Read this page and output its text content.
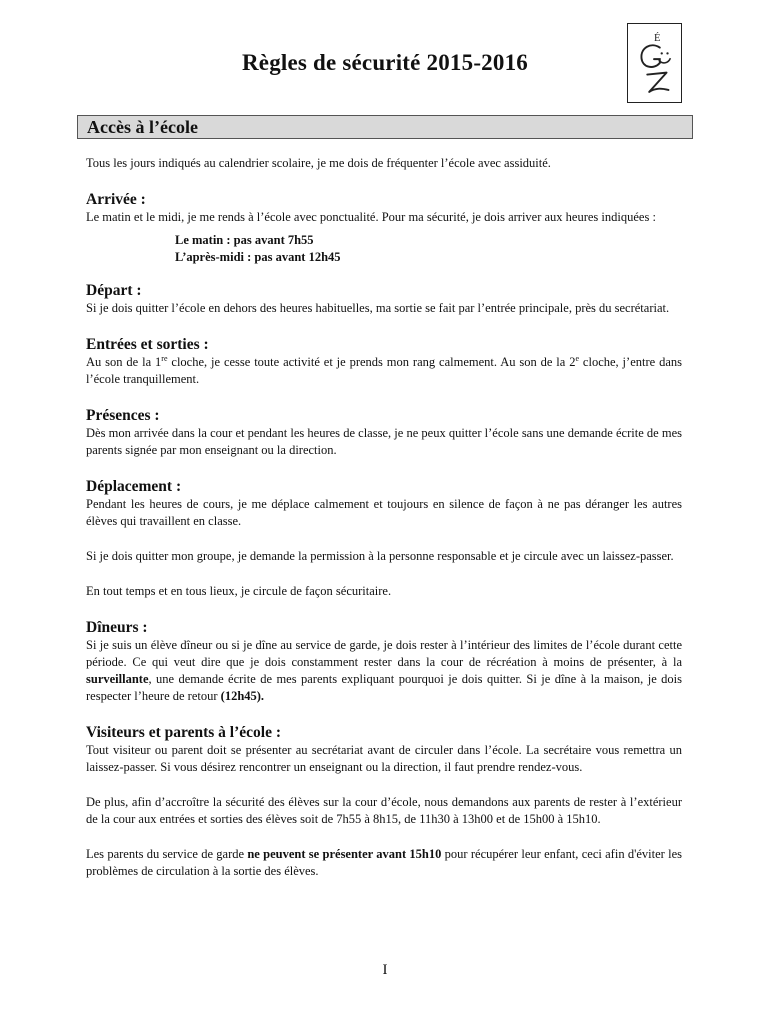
Règles de sécurité 2015-2016
É
Accès à l’école

Tous les jours indiqués au calendrier scolaire, je me dois de fréquenter l’école avec assiduité.

Arrivée :

Le matin et le midi, je me rends à l’école avec ponctualité. Pour ma sécurité, je dois arriver aux heures indiquées :

Le matin : pas avant 7h55
L’après-midi : pas avant 12h45
Départ :

Si je dois quitter l’école en dehors des heures habituelles, ma sortie se fait par l’entrée principale, près du secrétariat.

Entrées et sorties :

Au son de la 1re cloche, je cesse toute activité et je prends mon rang calmement. Au son de la 2e cloche, j’entre dans l’école tranquillement.

Présences :

Dès mon arrivée dans la cour et pendant les heures de classe, je ne peux quitter l’école sans une demande écrite de mes parents signée par mon enseignant ou la direction.

Déplacement :

Pendant les heures de cours, je me déplace calmement et toujours en silence de façon à ne pas déranger les autres élèves qui travaillent en classe.

Si je dois quitter mon groupe, je demande la permission à la personne responsable et je circule avec un laissez-passer.

En tout temps et en tous lieux, je circule de façon sécuritaire.

Dîneurs :

Si je suis un élève dîneur ou si je dîne au service de garde, je dois rester à l’intérieur des limites de l’école durant cette période. Ce qui veut dire que je dois constamment rester dans la cour de récréation à moins de présenter, à la surveillante, une demande écrite de mes parents expliquant pourquoi je dois quitter. Si je dîne à la maison, je dois respecter l’heure de retour (12h45).

Visiteurs et parents à l’école :

Tout visiteur ou parent doit se présenter au secrétariat avant de circuler dans l’école. La secrétaire vous remettra un laissez-passer. Si vous désirez rencontrer un enseignant ou la direction, il faut prendre rendez-vous.

De plus, afin d’accroître la sécurité des élèves sur la cour d’école, nous demandons aux parents de rester à l’extérieur de la cour aux entrées et sorties des élèves soit de 7h55 à 8h15, de 11h30 à 13h00 et de 15h00 à 15h10.

Les parents du service de garde ne peuvent se présenter avant 15h10 pour récupérer leur enfant, ceci afin d'éviter les problèmes de circulation à la sortie des élèves.

I
